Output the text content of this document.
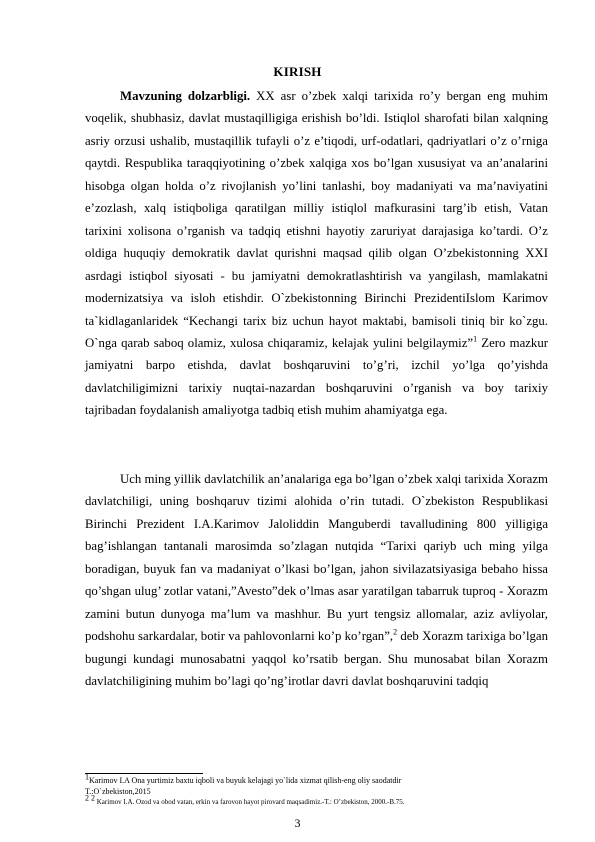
KIRISH

Mavzuning dolzarbligi. XX asr o’zbek xalqi tarixida ro’y bergan eng muhim voqelik, shubhasiz, davlat mustaqilligiga erishish bo’ldi. Istiqlol sharofati bilan xalqning asriy orzusi ushalib, mustaqillik tufayli o’z e’tiqodi, urf-odatlari, qadriyatlari o’z o’rniga qaytdi. Respublika taraqqiyotining o’zbek xalqiga xos bo’lgan xususiyat va an’analarini hisobga olgan holda o’z rivojlanish yo’lini tanlashi, boy madaniyati va ma’naviyatini e’zozlash, xalq istiqboliga qaratilgan milliy istiqlol mafkurasini targ’ib etish, Vatan tarixini xolisona o’rganish va tadqiq etishni hayotiy zaruriyat darajasiga ko’tardi. O’z oldiga huquqiy demokratik davlat qurishni maqsad qilib olgan O’zbekistonning XXI asrdagi istiqbol siyosati - bu jamiyatni demokratlashtirish va yangilash, mamlakatni modernizatsiya va isloh etishdir. O`zbekistonning Birinchi PrezidentiIslom Karimov ta`kidlaganlaridek “Kechangi tarix biz uchun hayot maktabi, bamisoli tiniq bir ko`zgu. O`nga qarab saboq olamiz, xulosa chiqaramiz, kelajak yulini belgilaymiz”$^1$ Zero mazkur jamiyatni barpo etishda, davlat boshqaruvini to’g’ri, izchil yo’lga qo’yishda davlatchiligimizni tarixiy nuqtai-nazardan boshqaruvini o’rganish va boy tarixiy tajribadan foydalanish amaliyotga tadbiq etish muhim ahamiyatga ega.

Uch ming yillik davlatchilik an’analariga ega bo’lgan o’zbek xalqi tarixida Xorazm davlatchiligi, uning boshqaruv tizimi alohida o’rin tutadi. O`zbekiston Respublikasi Birinchi Prezident I.A.Karimov Jaloliddin Manguberdi tavalludining 800 yilligiga bag’ishlangan tantanali marosimda so’zlagan nutqida “Tarixi qariyb uch ming yilga boradigan, buyuk fan va madaniyat o’lkasi bo’lgan, jahon sivilazatsiyasiga bebaho hissa qo’shgan ulug’ zotlar vatani,”Avesto”dek o’lmas asar yaratilgan tabarruk tuproq - Xorazm zamini butun dunyoga ma’lum va mashhur. Bu yurt tengsiz allomalar, aziz avliyolar, podshohu sarkardalar, botir va pahlovonlarni ko’p ko’rgan”,$^2$ deb Xorazm tarixiga bo’lgan bugungi kundagi munosabatni yaqqol ko’rsatib bergan. Shu munosabat bilan Xorazm davlatchiligining muhim bo’lagi qo’ng’irotlar davri davlat boshqaruvini tadqiq

$^1$Karimov I.A Ona yurtimiz baxtu iqboli va buyuk kelajagi yo`lida xizmat qilish-eng oliy saodatdir

T.:O`zbekiston,2015

$^{2 2}$ Karimov I.A. Ozod va obod vatan, erkin va farovon hayot pirovard maqsadimiz.-T.: O’zbekiston, 2000.-B.75.

3
